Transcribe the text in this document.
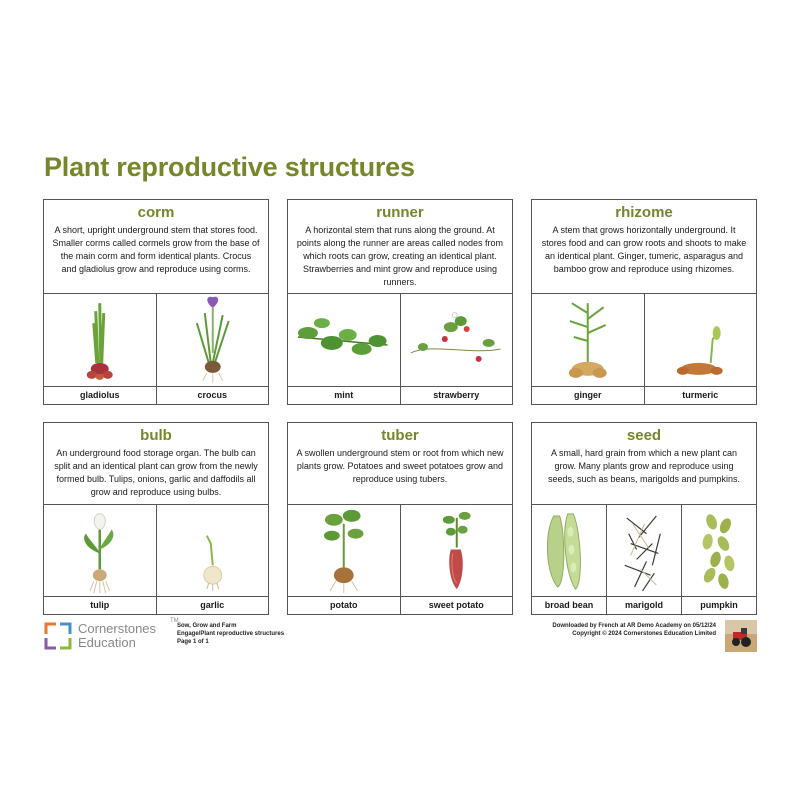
Plant reproductive structures
corm
A short, upright underground stem that stores food. Smaller corms called cormels grow from the base of the main corm and form identical plants. Crocus and gladiolus grow and reproduce using corms.
gladiolus	crocus
runner
A horizontal stem that runs along the ground. At points along the runner are areas called nodes from which roots can grow, creating an identical plant. Strawberries and mint grow and reproduce using runners.
mint	strawberry
rhizome
A stem that grows horizontally underground. It stores food and can grow roots and shoots to make an identical plant. Ginger, tumeric, asparagus and bamboo grow and reproduce using rhizomes.
ginger	turmeric
bulb
An underground food storage organ. The bulb can split and an identical plant can grow from the newly formed bulb. Tulips, onions, garlic and daffodils all grow and reproduce using bulbs.
tulip	garlic
tuber
A swollen underground stem or root from which new plants grow. Potatoes and sweet potatoes grow and reproduce using tubers.
potato	sweet potato
seed
A small, hard grain from which a new plant can grow. Many plants grow and reproduce using seeds, such as beans, marigolds and pumpkins.
broad bean	marigold	pumpkin
Cornerstones
Education
TM
Sow, Grow and Farm
Engage/Plant reproductive structures
Page 1 of 1
Downloaded by French at AR Demo Academy on 05/12/24
Copyright © 2024 Cornerstones Education Limited
